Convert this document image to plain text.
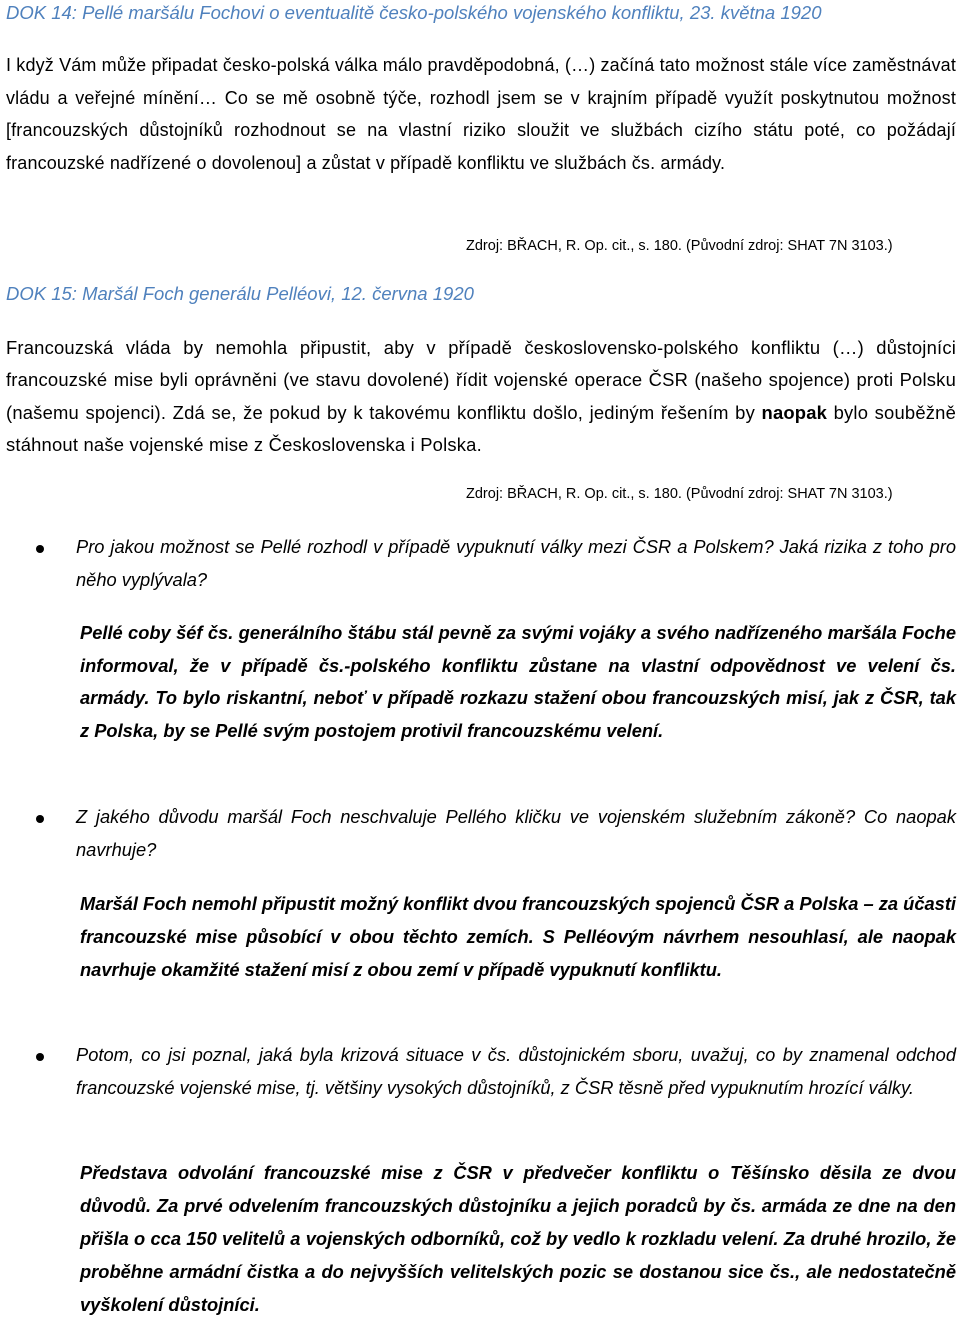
DOK 14: Pellé maršálu Fochovi o eventualitě česko-polského vojenského konfliktu, 23. května 1920

I když Vám může připadat česko-polská válka málo pravděpodobná, (…) začíná tato možnost stále více zaměstnávat vládu a veřejné mínění… Co se mě osobně týče, rozhodl jsem se v krajním případě využít poskytnutou možnost [francouzských důstojníků rozhodnout se na vlastní riziko sloužit ve službách cizího státu poté, co požádají francouzské nadřízené o dovolenou] a zůstat v případě konfliktu ve službách čs. armády.

Zdroj: BŘACH, R. Op. cit., s. 180. (Původní zdroj: SHAT 7N 3103.)

DOK 15: Maršál Foch generálu Pelléovi, 12. června 1920

Francouzská vláda by nemohla připustit, aby v případě československo-polského konfliktu (…) důstojníci francouzské mise byli oprávněni (ve stavu dovolené) řídit vojenské operace ČSR (našeho spojence) proti Polsku (našemu spojenci). Zdá se, že pokud by k takovému konfliktu došlo, jediným řešením by naopak bylo souběžně stáhnout naše vojenské mise z Československa i Polska.

Zdroj: BŘACH, R. Op. cit., s. 180. (Původní zdroj: SHAT 7N 3103.)

Pro jakou možnost se Pellé rozhodl v případě vypuknutí války mezi ČSR a Polskem? Jaká rizika z toho pro něho vyplývala?

Pellé coby šéf čs. generálního štábu stál pevně za svými vojáky a svého nadřízeného maršála Foche informoval, že v případě čs.-polského konfliktu zůstane na vlastní odpovědnost ve velení čs. armády. To bylo riskantní, neboť v případě rozkazu stažení obou francouzských misí, jak z ČSR, tak z Polska, by se Pellé svým postojem protivil francouzskému velení.

Z jakého důvodu maršál Foch neschvaluje Pellého kličku ve vojenském služebním zákoně? Co naopak navrhuje?

Maršál Foch nemohl připustit možný konflikt dvou francouzských spojenců ČSR a Polska – za účasti francouzské mise působící v obou těchto zemích. S Pelléovým návrhem nesouhlasí, ale naopak navrhuje okamžité stažení misí z obou zemí v případě vypuknutí konfliktu.

Potom, co jsi poznal, jaká byla krizová situace v čs. důstojnickém sboru, uvažuj, co by znamenal odchod francouzské vojenské mise, tj. většiny vysokých důstojníků, z ČSR těsně před vypuknutím hrozící války.

Představa odvolání francouzské mise z ČSR v předvečer konfliktu o Těšínsko děsila ze dvou důvodů. Za prvé odvelením francouzských důstojníku a jejich poradců by čs. armáda ze dne na den přišla o cca 150 velitelů a vojenských odborníků, což by vedlo k rozkladu velení. Za druhé hrozilo, že proběhne armádní čistka a do nejvyšších velitelských pozic se dostanou sice čs., ale nedostatečně vyškolení důstojníci.
